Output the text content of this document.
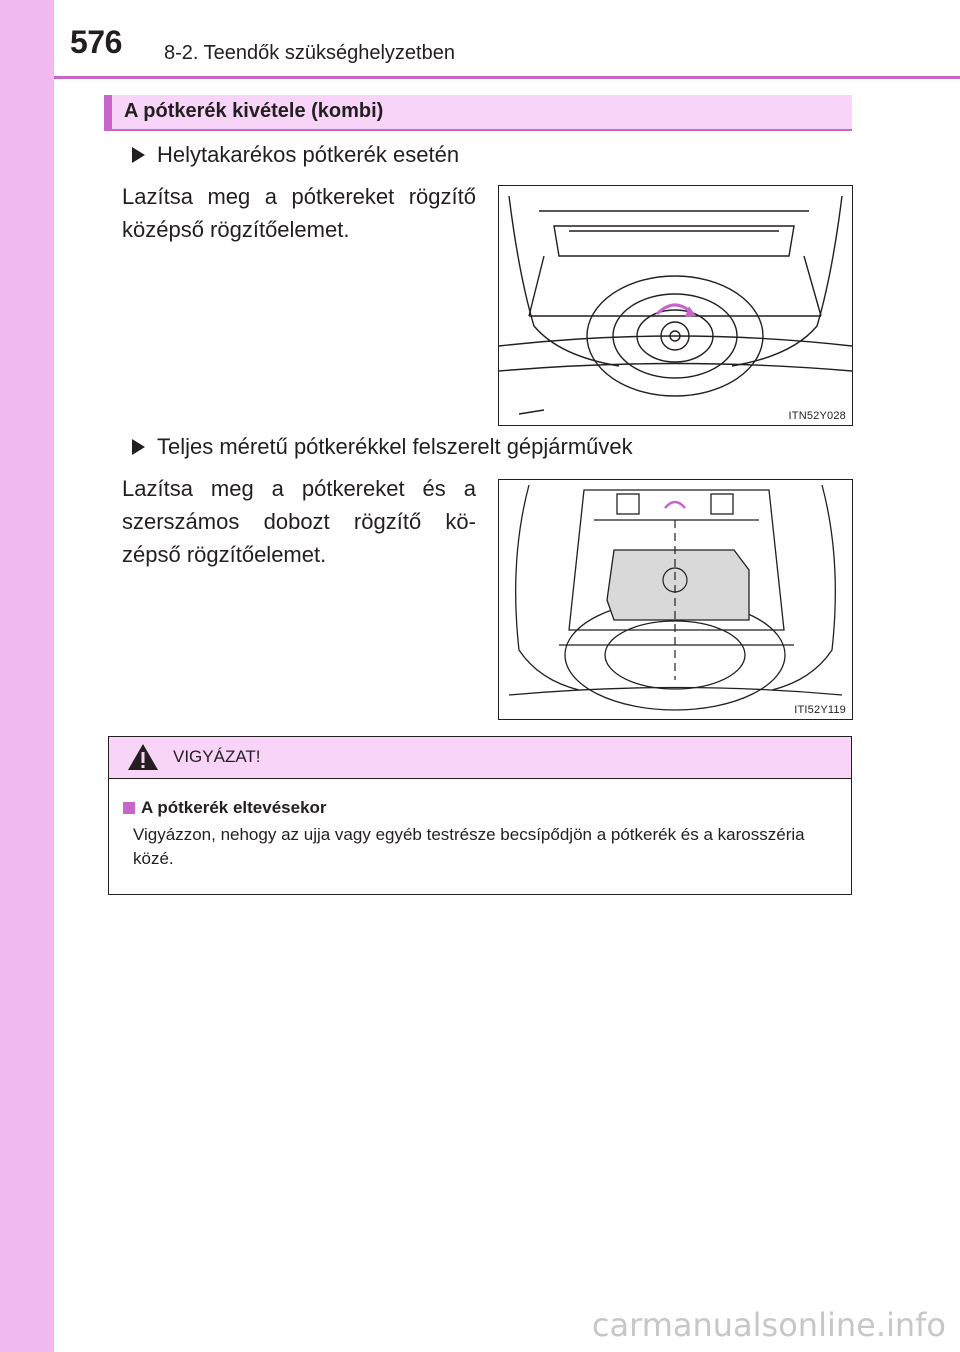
576 8-2. Teendők szükséghelyzetben
A pótkerék kivétele (kombi)
Helytakarékos pótkerék esetén
Lazítsa meg a pótkereket rögzítő középső rögzítőelemet.
ITN52Y028
Teljes méretű pótkerékkel felszerelt gépjárművek
Lazítsa meg a pótkereket és a szerszámos dobozt rögzítő kö-zépső rögzítőelemet.
ITI52Y119
VIGYÁZAT!
A pótkerék eltevésekor
Vigyázzon, nehogy az ujja vagy egyéb testrésze becsípődjön a pótkerék és a karosszéria közé.
carmanualsonline.info
